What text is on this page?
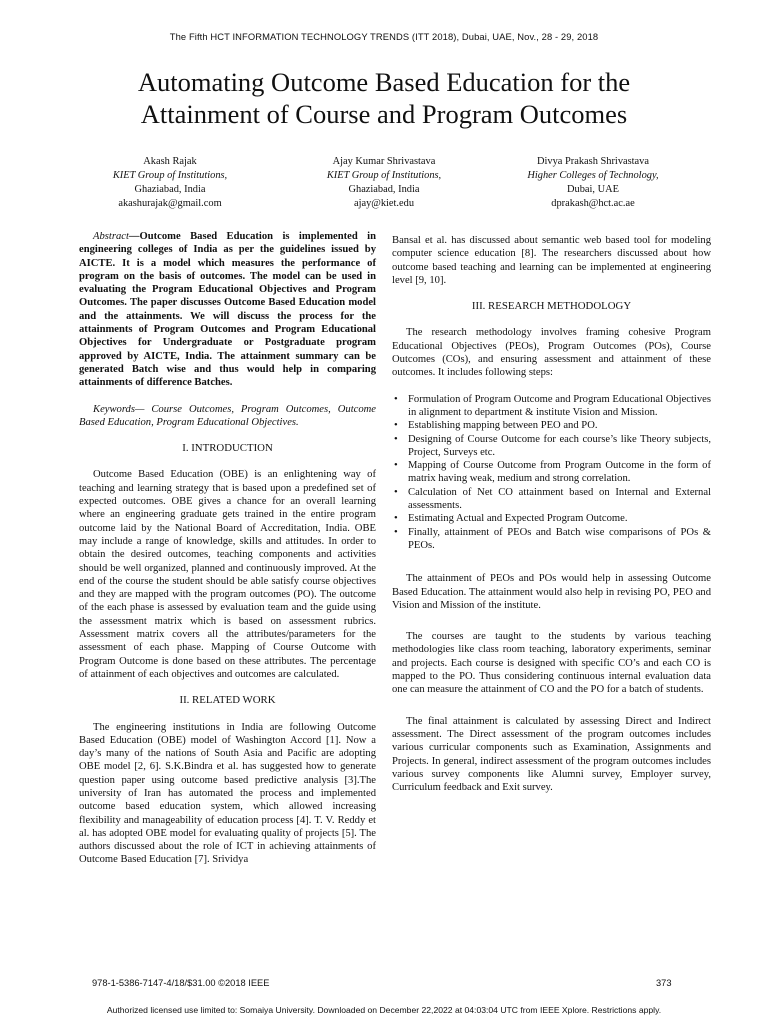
The Fifth HCT INFORMATION TECHNOLOGY TRENDS (ITT 2018), Dubai, UAE, Nov., 28 - 29, 2018
Automating Outcome Based Education for the
Attainment of Course and Program Outcomes
Akash Rajak
KIET Group of Institutions,
Ghaziabad, India
akashurajak@gmail.com
Ajay Kumar Shrivastava
KIET Group of Institutions,
Ghaziabad, India
ajay@kiet.edu
Divya Prakash Shrivastava
Higher Colleges of Technology,
Dubai, UAE
dprakash@hct.ac.ae

Abstract—Outcome Based Education is implemented in engineering colleges of India as per the guidelines issued by AICTE. It is a model which measures the performance of program on the basis of outcomes. The model can be used in evaluating the Program Educational Objectives and Program Outcomes. The paper discusses Outcome Based Education model and the attainments. We will discuss the process for the attainments of Program Outcomes and Program Educational Objectives for Undergraduate or Postgraduate program approved by AICTE, India. The attainment summary can be generated Batch wise and thus would help in comparing attainments of difference Batches.

Keywords— Course Outcomes, Program Outcomes, Outcome Based Education, Program Educational Objectives.

I. INTRODUCTION

Outcome Based Education (OBE) is an enlightening way of teaching and learning strategy that is based upon a predefined set of expected outcomes. OBE gives a chance for an overall learning where an engineering graduate gets trained in the entire program outcome laid by the National Board of Accreditation, India. OBE may include a range of knowledge, skills and attitudes. In order to obtain the desired outcomes, teaching components and activities should be well organized, planned and continuously improved. At the end of the course the student should be able satisfy course objectives and they are mapped with the program outcomes (PO). The outcome of the each phase is assessed by evaluation team and the guide using the assessment matrix which is based on assessment rubrics. Assessment matrix covers all the attributes/parameters for the assessment of each phase. Mapping of Course Outcome with Program Outcome is done based on these attributes. The percentage of attainment of each objectives and outcomes are calculated.

II. RELATED WORK

The engineering institutions in India are following Outcome Based Education (OBE) model of Washington Accord [1]. Now a day’s many of the nations of South Asia and Pacific are adopting OBE model [2, 6]. S.K.Bindra et al. has suggested how to generate question paper using outcome based predictive analysis [3].The university of Iran has automated the process and implemented outcome based education system, which allowed increasing flexibility and manageability of education process [4]. T. V. Reddy et al. has adopted OBE model for evaluating quality of projects [5]. The authors discussed about the role of ICT in achieving attainments of Outcome Based Education [7]. Srividya

Bansal et al. has discussed about semantic web based tool for modeling computer science education [8]. The researchers discussed about how outcome based teaching and learning can be implemented at engineering level [9, 10].

III. RESEARCH METHODOLOGY

The research methodology involves framing cohesive Program Educational Objectives (PEOs), Program Outcomes (POs), Course Outcomes (COs), and ensuring assessment and attainment of these outcomes. It includes following steps:

• Formulation of Program Outcome and Program Educational Objectives in alignment to department & institute Vision and Mission.
• Establishing mapping between PEO and PO.
• Designing of Course Outcome for each course’s like Theory subjects, Project, Surveys etc.
• Mapping of Course Outcome from Program Outcome in the form of matrix having weak, medium and strong correlation.
• Calculation of Net CO attainment based on Internal and External assessments.
• Estimating Actual and Expected Program Outcome.
• Finally, attainment of PEOs and Batch wise comparisons of POs & PEOs.

The attainment of PEOs and POs would help in assessing Outcome Based Education. The attainment would also help in revising PO, PEO and Vision and Mission of the institute.

The courses are taught to the students by various teaching methodologies like class room teaching, laboratory experiments, seminar and projects. Each course is designed with specific CO’s and each CO is mapped to the PO. Thus considering continuous internal evaluation data one can measure the attainment of CO and the PO for a batch of students.

The final attainment is calculated by assessing Direct and Indirect assessment. The Direct assessment of the program outcomes includes various curricular components such as Examination, Assignments and Projects. In general, indirect assessment of the program outcomes includes various survey components like Alumni survey, Employer survey, Curriculum feedback and Exit survey.

978-1-5386-7147-4/18/$31.00 ©2018 IEEE	373
Authorized licensed use limited to: Somaiya University. Downloaded on December 22,2022 at 04:03:04 UTC from IEEE Xplore. Restrictions apply.
